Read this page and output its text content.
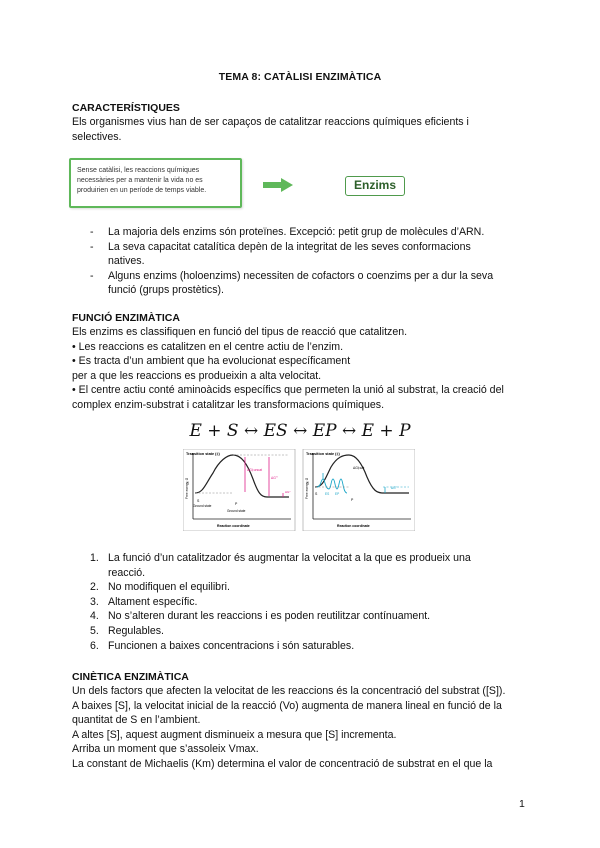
TEMA 8: CATÀLISI ENZIMÀTICA
CARACTERÍSTIQUES
Els organismes vius han de ser capaços de catalitzar reaccions químiques eficients i
selectives.
Sense catàlisi, les reaccions químiques
necessàries per a mantenir la vida no es
produirien en un període de temps viable.	Enzims
- La majoria dels enzims són proteïnes. Excepció: petit grup de molècules d’ARN.
- La seva capacitat catalítica depèn de la integritat de les seves conformacions
natives.
- Alguns enzims (holoenzims) necessiten de cofactors o coenzims per a dur la seva
funció (grups prostètics).
FUNCIÓ ENZIMÀTICA
Els enzims es classifiquen en funció del tipus de reacció que catalitzen.
• Les reaccions es catalitzen en el centre actiu de l’enzim.
• Es tracta d’un ambient que ha evolucionat específicament
per a que les reaccions es produeixin a alta velocitat.
• El centre actiu conté aminoàcids específics que permeten la unió al substrat, la creació del
complex enzim-substrat i catalitzar les transformacions químiques.
E + S ↔ ES ↔ EP ↔ E + P
Transition state (‡)
Free energy, G
S
Ground state	P
Ground state
ΔG‡uncat
ΔG'°
ΔG°
Reaction coordinate
Transition state (‡)
Free energy, G S ES EP
P
ΔG‡cat
ΔG°
Reaction coordinate
1. La funció d’un catalitzador és augmentar la velocitat a la que es produeix una
reacció.
2. No modifiquen el equilibri.
3. Altament específic.
4. No s’alteren durant les reaccions i es poden reutilitzar contínuament.
5. Regulables.
6. Funcionen a baixes concentracions i són saturables.
CINÈTICA ENZIMÀTICA
Un dels factors que afecten la velocitat de les reaccions és la concentració del substrat ([S]).
A baixes [S], la velocitat inicial de la reacció (Vo) augmenta de manera lineal en funció de la
quantitat de S en l’ambient.
A altes [S], aquest augment disminueix a mesura que [S] incrementa.
Arriba un moment que s’assoleix Vmax.
La constant de Michaelis (Km) determina el valor de concentració de substrat en el que la
1
